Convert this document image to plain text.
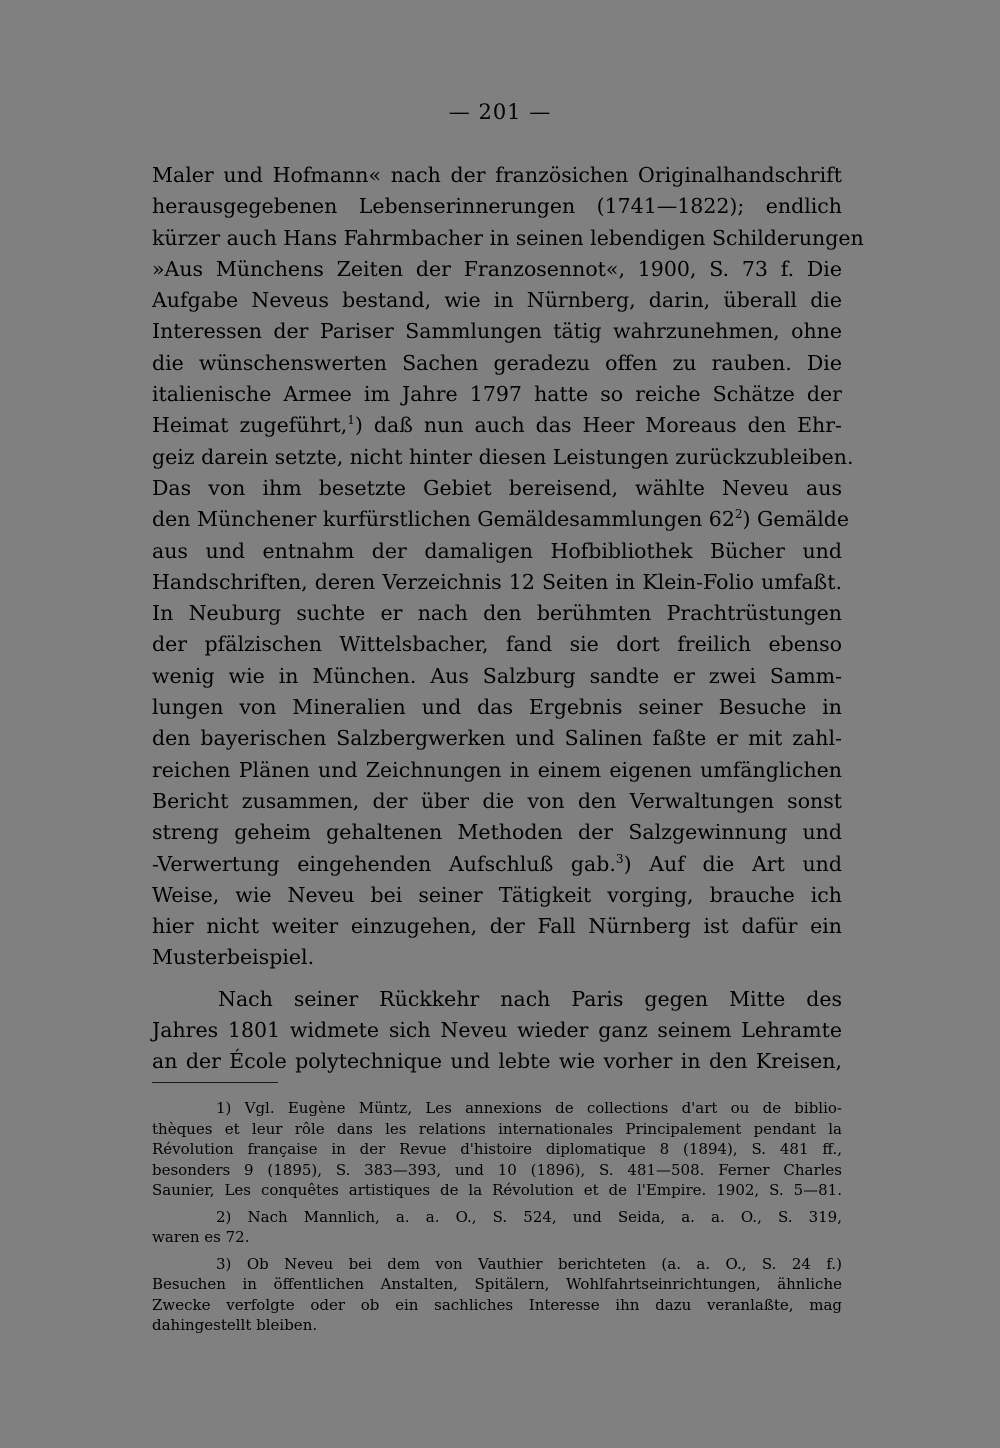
— 201 —
Maler und Hofmann« nach der französichen Originalhandschrift
herausgegebenen Lebenserinnerungen (1741—1822); endlich
kürzer auch Hans Fahrmbacher in seinen lebendigen Schilderungen
»Aus Münchens Zeiten der Franzosennot«, 1900, S. 73 f. Die
Aufgabe Neveus bestand, wie in Nürnberg, darin, überall die
Interessen der Pariser Sammlungen tätig wahrzunehmen, ohne
die wünschenswerten Sachen geradezu offen zu rauben. Die
italienische Armee im Jahre 1797 hatte so reiche Schätze der
Heimat zugeführt,$^1$) daß nun auch das Heer Moreaus den Ehr-
geiz darein setzte, nicht hinter diesen Leistungen zurückzubleiben.
Das von ihm besetzte Gebiet bereisend, wählte Neveu aus
den Münchener kurfürstlichen Gemäldesammlungen $62^2$) Gemälde
aus und entnahm der damaligen Hofbibliothek Bücher und
Handschriften, deren Verzeichnis 12 Seiten in Klein-Folio umfaßt.
In Neuburg suchte er nach den berühmten Prachtrüstungen
der pfälzischen Wittelsbacher, fand sie dort freilich ebenso
wenig wie in München. Aus Salzburg sandte er zwei Samm-
lungen von Mineralien und das Ergebnis seiner Besuche in
den bayerischen Salzbergwerken und Salinen faßte er mit zahl-
reichen Plänen und Zeichnungen in einem eigenen umfänglichen
Bericht zusammen, der über die von den Verwaltungen sonst
streng geheim gehaltenen Methoden der Salzgewinnung und
-Verwertung eingehenden Aufschluß gab.$^3$) Auf die Art und
Weise, wie Neveu bei seiner Tätigkeit vorging, brauche ich
hier nicht weiter einzugehen, der Fall Nürnberg ist dafür ein
Musterbeispiel.
Nach seiner Rückkehr nach Paris gegen Mitte des
Jahres 1801 widmete sich Neveu wieder ganz seinem Lehramte
an der École polytechnique und lebte wie vorher in den Kreisen,
1) Vgl. Eugène Müntz, Les annexions de collections d'art ou de biblio-
thèques et leur rôle dans les relations internationales Principalement pendant la
Révolution française in der Revue d'histoire diplomatique 8 (1894), S. 481 ff.,
besonders 9 (1895), S. 383—393, und 10 (1896), S. 481—508. Ferner Charles
Saunier, Les conquêtes artistiques de la Révolution et de l'Empire. 1902, S. 5—81.
2) Nach Mannlich, a. a. O., S. 524, und Seida, a. a. O., S. 319,
waren es 72.
3) Ob Neveu bei dem von Vauthier berichteten (a. a. O., S. 24 f.)
Besuchen in öffentlichen Anstalten, Spitälern, Wohlfahrtseinrichtungen, ähnliche
Zwecke verfolgte oder ob ein sachliches Interesse ihn dazu veranlaßte, mag
dahingestellt bleiben.
